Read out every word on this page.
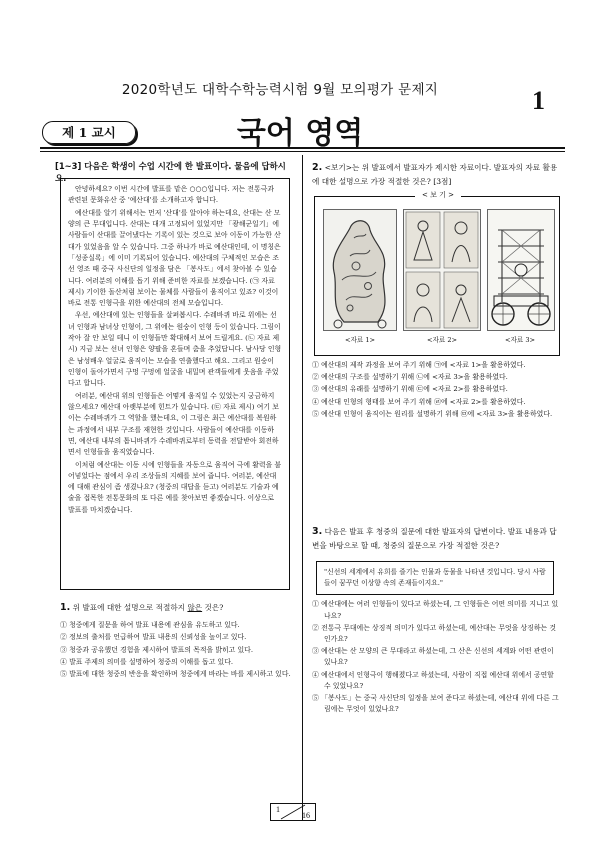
2020학년도 대학수학능력시험 9월 모의평가 문제지	1
제 1 교시	국어 영역
[1~3] 다음은 학생이 수업 시간에 한 발표이다. 물음에 답하시오.

안녕하세요? 이번 시간에 발표를 맡은 ○○○입니다. 저는 전통극과 관련된 문화유산 중 '예산대'를 소개하고자 합니다.

예산대를 알기 위해서는 먼저 '산대'를 알아야 하는데요, 산대는 산 모양의 큰 무대입니다. 산대는 대개 고정되어 있었지만 「광해군일기」에 사람들이 산대를 끌어냈다는 기록이 있는 것으로 보아 이동이 가능한 산대가 있었음을 알 수 있습니다. 그중 하나가 바로 예산대인데, 이 명칭은 「성종실록」에 이미 기록되어 있습니다. 예산대의 구체적인 모습은 조선 영조 때 중국 사신단의 일정을 담은 「봉사도」에서 찾아볼 수 있습니다. 여러분의 이해를 돕기 위해 준비한 자료를 보겠습니다. (㉠ 자료 제시) 기이한 돌산처럼 보이는 물체를 사람들이 움직이고 있죠? 이것이 바로 전통 인형극을 위한 예산대의 전체 모습입니다.

우선, 예산대에 있는 인형들을 살펴봅시다. 수레바퀴 바로 위에는 선녀 인형과 남녀상 인형이, 그 위에는 원숭이 인형 등이 있습니다. 그림이 작아 잘 안 보일 테니 이 인형들만 확대해서 보여 드릴게요. (㉡ 자료 제시) 지금 보는 선녀 인형은 양팔을 혼들며 춤을 추었답니다. 남사당 인형은 남성배우 얼굴로 움직이는 모습을 연출했다고 해요. 그리고 원숭이 인형이 돌아가면서 구멍 구멍에 얼굴을 내밀며 관객들에게 웃음을 주었다고 합니다.

여러분, 예산대 위의 인형들은 어떻게 움직일 수 있었는지 궁금하지 않으세요? 예산대 아랫부분에 힌트가 있습니다. (㉢ 자료 제시) 여기 보이는 수레바퀴가 그 역할을 했는데요, 이 그림은 최근 예산대를 복원하는 과정에서 내부 구조를 재현한 것입니다. 사람들이 예산대를 이동하면, 예산대 내부의 톱니바퀴가 수레바퀴로부터 동력을 전달받아 회전하면서 인형들을 움직였습니다.

이처럼 예산대는 이동 시에 인형들을 자동으로 움직여 극에 활력을 불어넣었다는 점에서 우리 조상들의 지혜를 보여 줍니다. 여러분, 예산대에 대해 관심이 좀 생겼나요? (청중의 대답을 듣고) 여러분도 기술과 예술을 접목한 전통문화의 또 다른 예를 찾아보면 좋겠습니다. 이상으로 발표를 마치겠습니다.

1. 위 발표에 대한 설명으로 적절하지 않은 것은?

① 청중에게 질문을 하여 발표 내용에 관심을 유도하고 있다.
② 정보의 출처를 언급하여 발표 내용의 신뢰성을 높이고 있다.
③ 청중과 공유했던 경험을 제시하여 발표의 목적을 밝히고 있다.
④ 발표 주제의 의미를 설명하여 청중의 이해를 돕고 있다.
⑤ 발표에 대한 청중의 반응을 확인하며 청중에게 바라는 바를 제시하고 있다.

2. <보기>는 위 발표에서 발표자가 제시한 자료이다. 발표자의 자료 활용에 대한 설명으로 가장 적절한 것은? [3점]

< 보 기 >
<자료 1>	<자료 2>	<자료 3>
① 예산대의 제작 과정을 보여 주기 위해 ㉠에 <자료 1>을 활용하였다.
② 예산대의 구조를 설명하기 위해 ㉡에 <자료 3>을 활용하였다.
③ 예산대의 유래를 설명하기 위해 ㉢에 <자료 2>를 활용하였다.
④ 예산대 인형의 형태를 보여 주기 위해 ㉣에 <자료 2>를 활용하였다.
⑤ 예산대 인형이 움직이는 원리를 설명하기 위해 ㉤에 <자료 3>을 활용하였다.

3. 다음은 발표 후 청중의 질문에 대한 발표자의 답변이다. 발표 내용과 답변을 바탕으로 할 때, 청중의 질문으로 가장 적절한 것은?

"신선의 세계에서 유희를 즐기는 인물과 동물을 나타낸 것입니다. 당시 사람들이 꿈꾸던 이상향 속의 존재들이지요."
① 예산대에는 여러 인형들이 있다고 하셨는데, 그 인형들은 어떤 의미를 지니고 있나요?
② 전통극 무대에는 상징적 의미가 있다고 하셨는데, 예산대는 무엇을 상징하는 것인가요?
③ 예산대는 산 모양의 큰 무대라고 하셨는데, 그 산은 신선의 세계와 어떤 관련이 있나요?
④ 예산대에서 인형극이 행해졌다고 하셨는데, 사람이 직접 예산대 위에서 공연할 수 있었나요?
⑤ 「봉사도」는 중국 사신단의 일정을 보여 준다고 하셨는데, 예산대 위에 다른 그림에는 무엇이 있었나요?
1
16
